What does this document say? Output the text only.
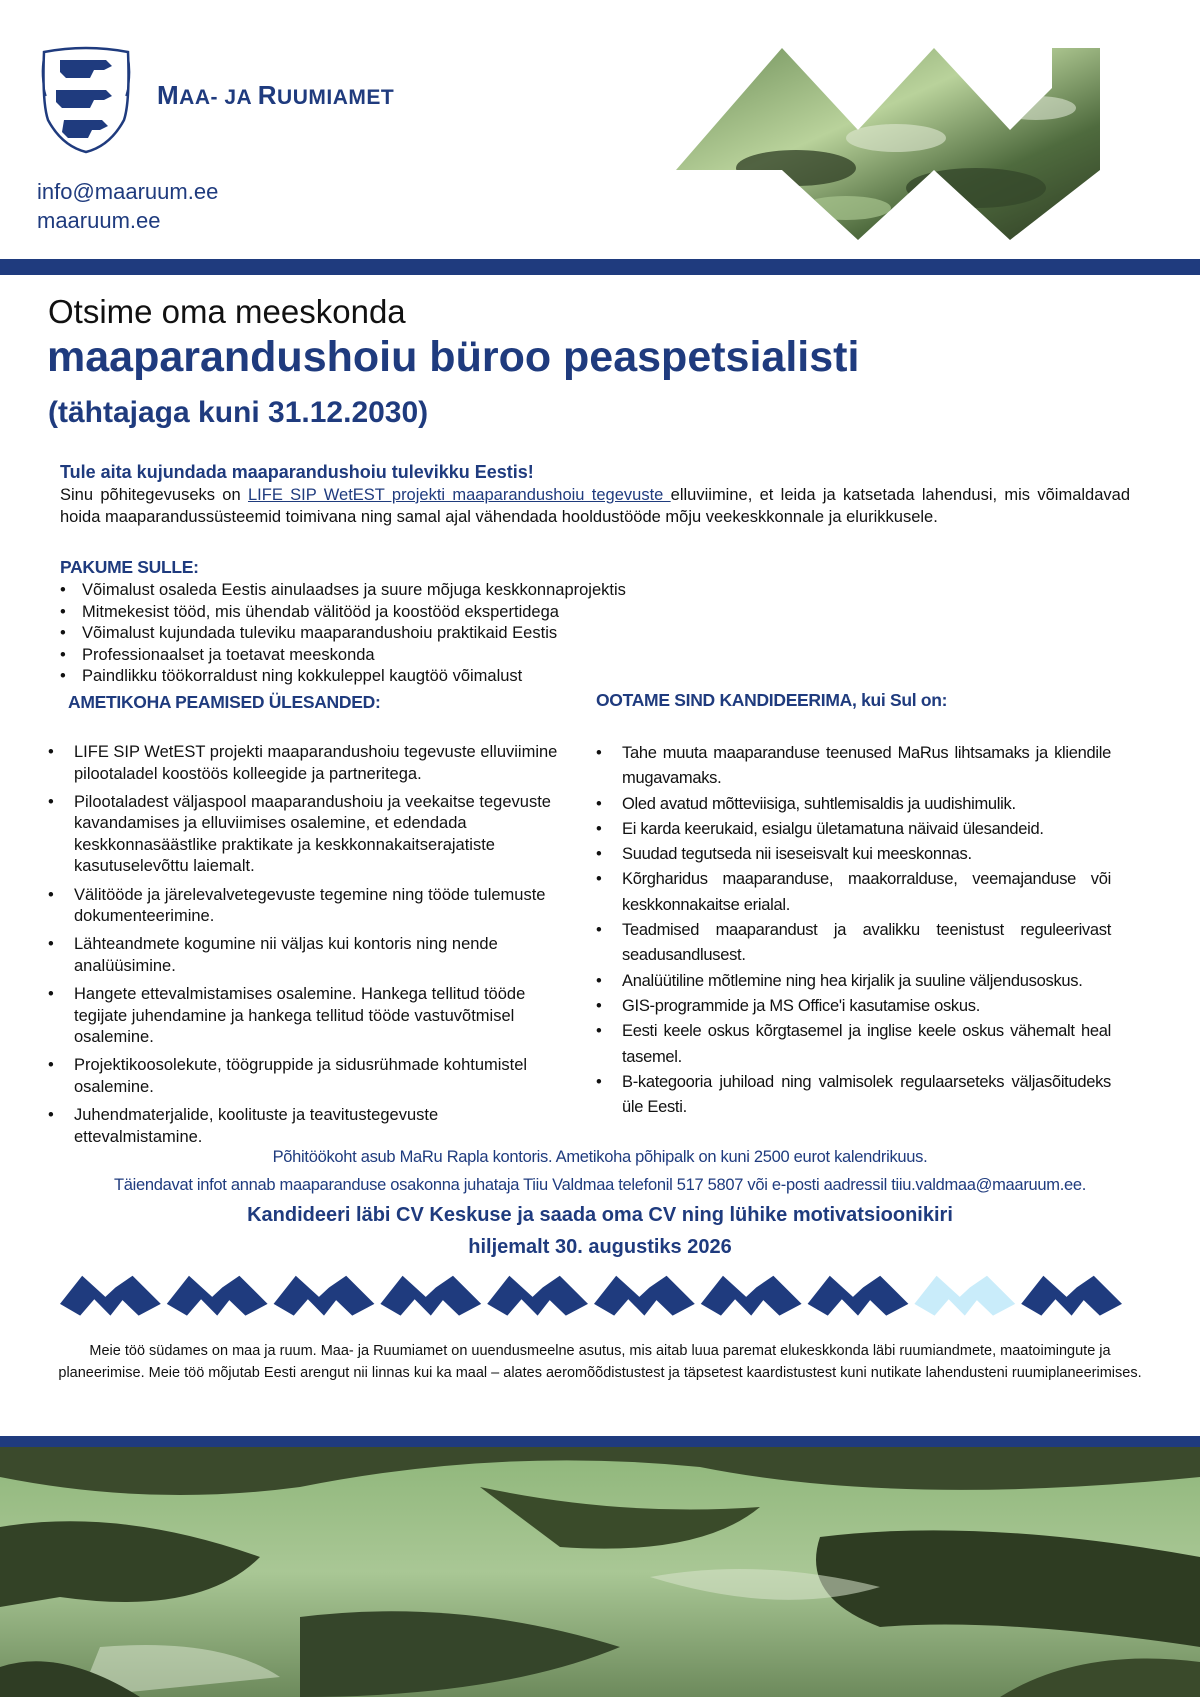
MAA- JA RUUMIAMET
info@maaruum.ee
maaruum.ee
Otsime oma meeskonda
maaparandushoiu büroo peaspetsialisti
(tähtajaga kuni 31.12.2030)

Tule aita kujundada maaparandushoiu tulevikku Eestis!

Sinu põhitegevuseks on LIFE SIP WetEST projekti maaparandushoiu tegevuste elluviimine, et leida ja katsetada lahendusi, mis võimaldavad hoida maaparandussüsteemid toimivana ning samal ajal vähendada hooldustööde mõju veekeskkonnale ja elurikkusele.

PAKUME SULLE:

• Võimalust osaleda Eestis ainulaadses ja suure mõjuga keskkonnaprojektis
• Mitmekesist tööd, mis ühendab välitööd ja koostööd ekspertidega
• Võimalust kujundada tuleviku maaparandushoiu praktikaid Eestis
• Professionaalset ja toetavat meeskonda
• Paindlikku töökorraldust ning kokkuleppel kaugtöö võimalust

AMETIKOHA PEAMISED ÜLESANDED:

• LIFE SIP WetEST projekti maaparandushoiu tegevuste elluviimine pilootaladel koostöös kolleegide ja partneritega.
• Pilootaladest väljaspool maaparandushoiu ja veekaitse tegevuste kavandamises ja elluviimises osalemine, et edendada keskkonnasäästlike praktikate ja keskkonnakaitserajatiste kasutuselevõttu laiemalt.
• Välitööde ja järelevalvetegevuste tegemine ning tööde tulemuste dokumenteerimine.
• Lähteandmete kogumine nii väljas kui kontoris ning nende analüüsimine.
• Hangete ettevalmistamises osalemine. Hankega tellitud tööde tegijate juhendamine ja hankega tellitud tööde vastuvõtmisel osalemine.
• Projektikoosolekute, töögruppide ja sidusrühmade kohtumistel osalemine.
• Juhendmaterjalide, koolituste ja teavitustegevuste ettevalmistamine.

OOTAME SIND KANDIDEERIMA, kui Sul on:

• Tahe muuta maaparanduse teenused MaRus lihtsamaks ja kliendile mugavamaks.
• Oled avatud mõtteviisiga, suhtlemisaldis ja uudishimulik.
• Ei karda keerukaid, esialgu ületamatuna näivaid ülesandeid.
• Suudad tegutseda nii iseseisvalt kui meeskonnas.
• Kõrgharidus maaparanduse, maakorralduse, veemajanduse või keskkonnakaitse erialal.
• Teadmised maaparandust ja avalikku teenistust reguleerivast seadusandlusest.
• Analüütiline mõtlemine ning hea kirjalik ja suuline väljendusoskus.
• GIS-programmide ja MS Office'i kasutamise oskus.
• Eesti keele oskus kõrgtasemel ja inglise keele oskus vähemalt heal tasemel.
• B-kategooria juhiload ning valmisolek regulaarseteks väljasõitudeks üle Eesti.
Põhitöökoht asub MaRu Rapla kontoris. Ametikoha põhipalk on kuni 2500 eurot kalendrikuus.
Täiendavat infot annab maaparanduse osakonna juhataja Tiiu Valdmaa telefonil 517 5807 või e-posti aadressil tiiu.valdmaa@maaruum.ee.
Kandideeri läbi CV Keskuse ja saada oma CV ning lühike motivatsioonikiri
hiljemalt 30. augustiks 2026
Meie töö südames on maa ja ruum. Maa- ja Ruumiamet on uuendusmeelne asutus, mis aitab luua paremat elukeskkonda läbi ruumiandmete, maatoimingute ja planeerimise. Meie töö mõjutab Eesti arengut nii linnas kui ka maal – alates aeromõõdistustest ja täpsetest kaardistustest kuni nutikate lahendusteni ruumiplaneerimises.
